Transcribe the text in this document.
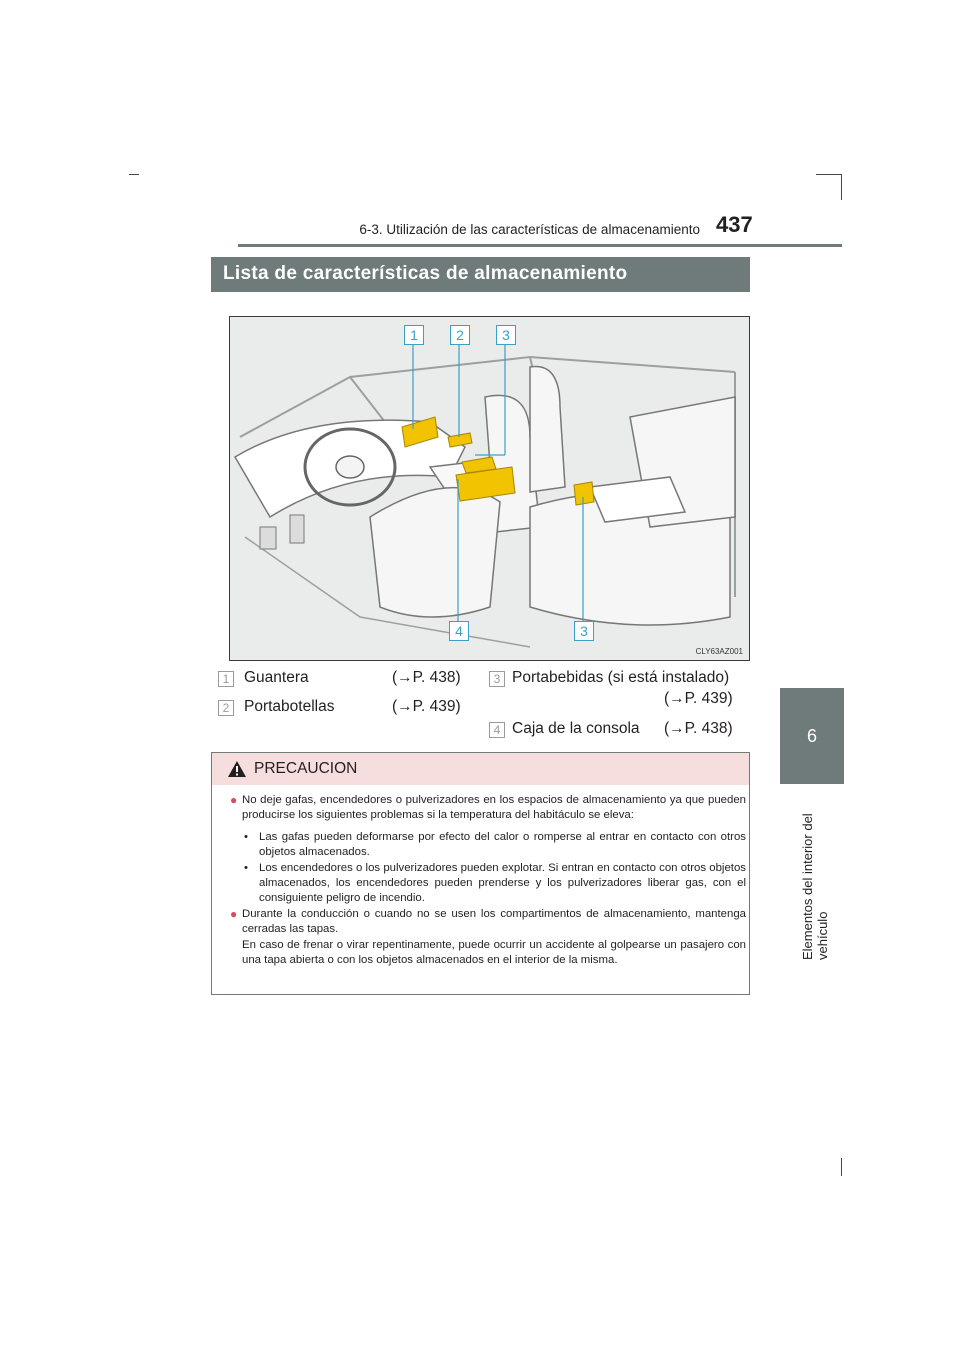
6-3. Utilización de las características de almacenamiento 437
6
Elementos del interior del vehículo
Lista de características de almacenamiento
1	2	3
4	3
CLY63AZ001
1 Guantera	(→P. 438)
2 Portabotellas	(→P. 439)
3 Portabebidas (si está instalado)
(→P. 439)
4 Caja de la consola (→P. 438)
PRECAUCION

● No deje gafas, encendedores o pulverizadores en los espacios de almacenamiento ya que pueden producirse los siguientes problemas si la temperatura del habitáculo se eleva:

• Las gafas pueden deformarse por efecto del calor o romperse al entrar en contacto con otros objetos almacenados.

• Los encendedores o los pulverizadores pueden explotar. Si entran en contacto con otros objetos almacenados, los encendedores pueden prenderse y los pulverizadores liberar gas, con el consiguiente peligro de incendio.

● Durante la conducción o cuando no se usen los compartimentos de almacenamiento, mantenga cerradas las tapas.
En caso de frenar o virar repentinamente, puede ocurrir un accidente al golpearse un pasajero con una tapa abierta o con los objetos almacenados en el interior de la misma.
